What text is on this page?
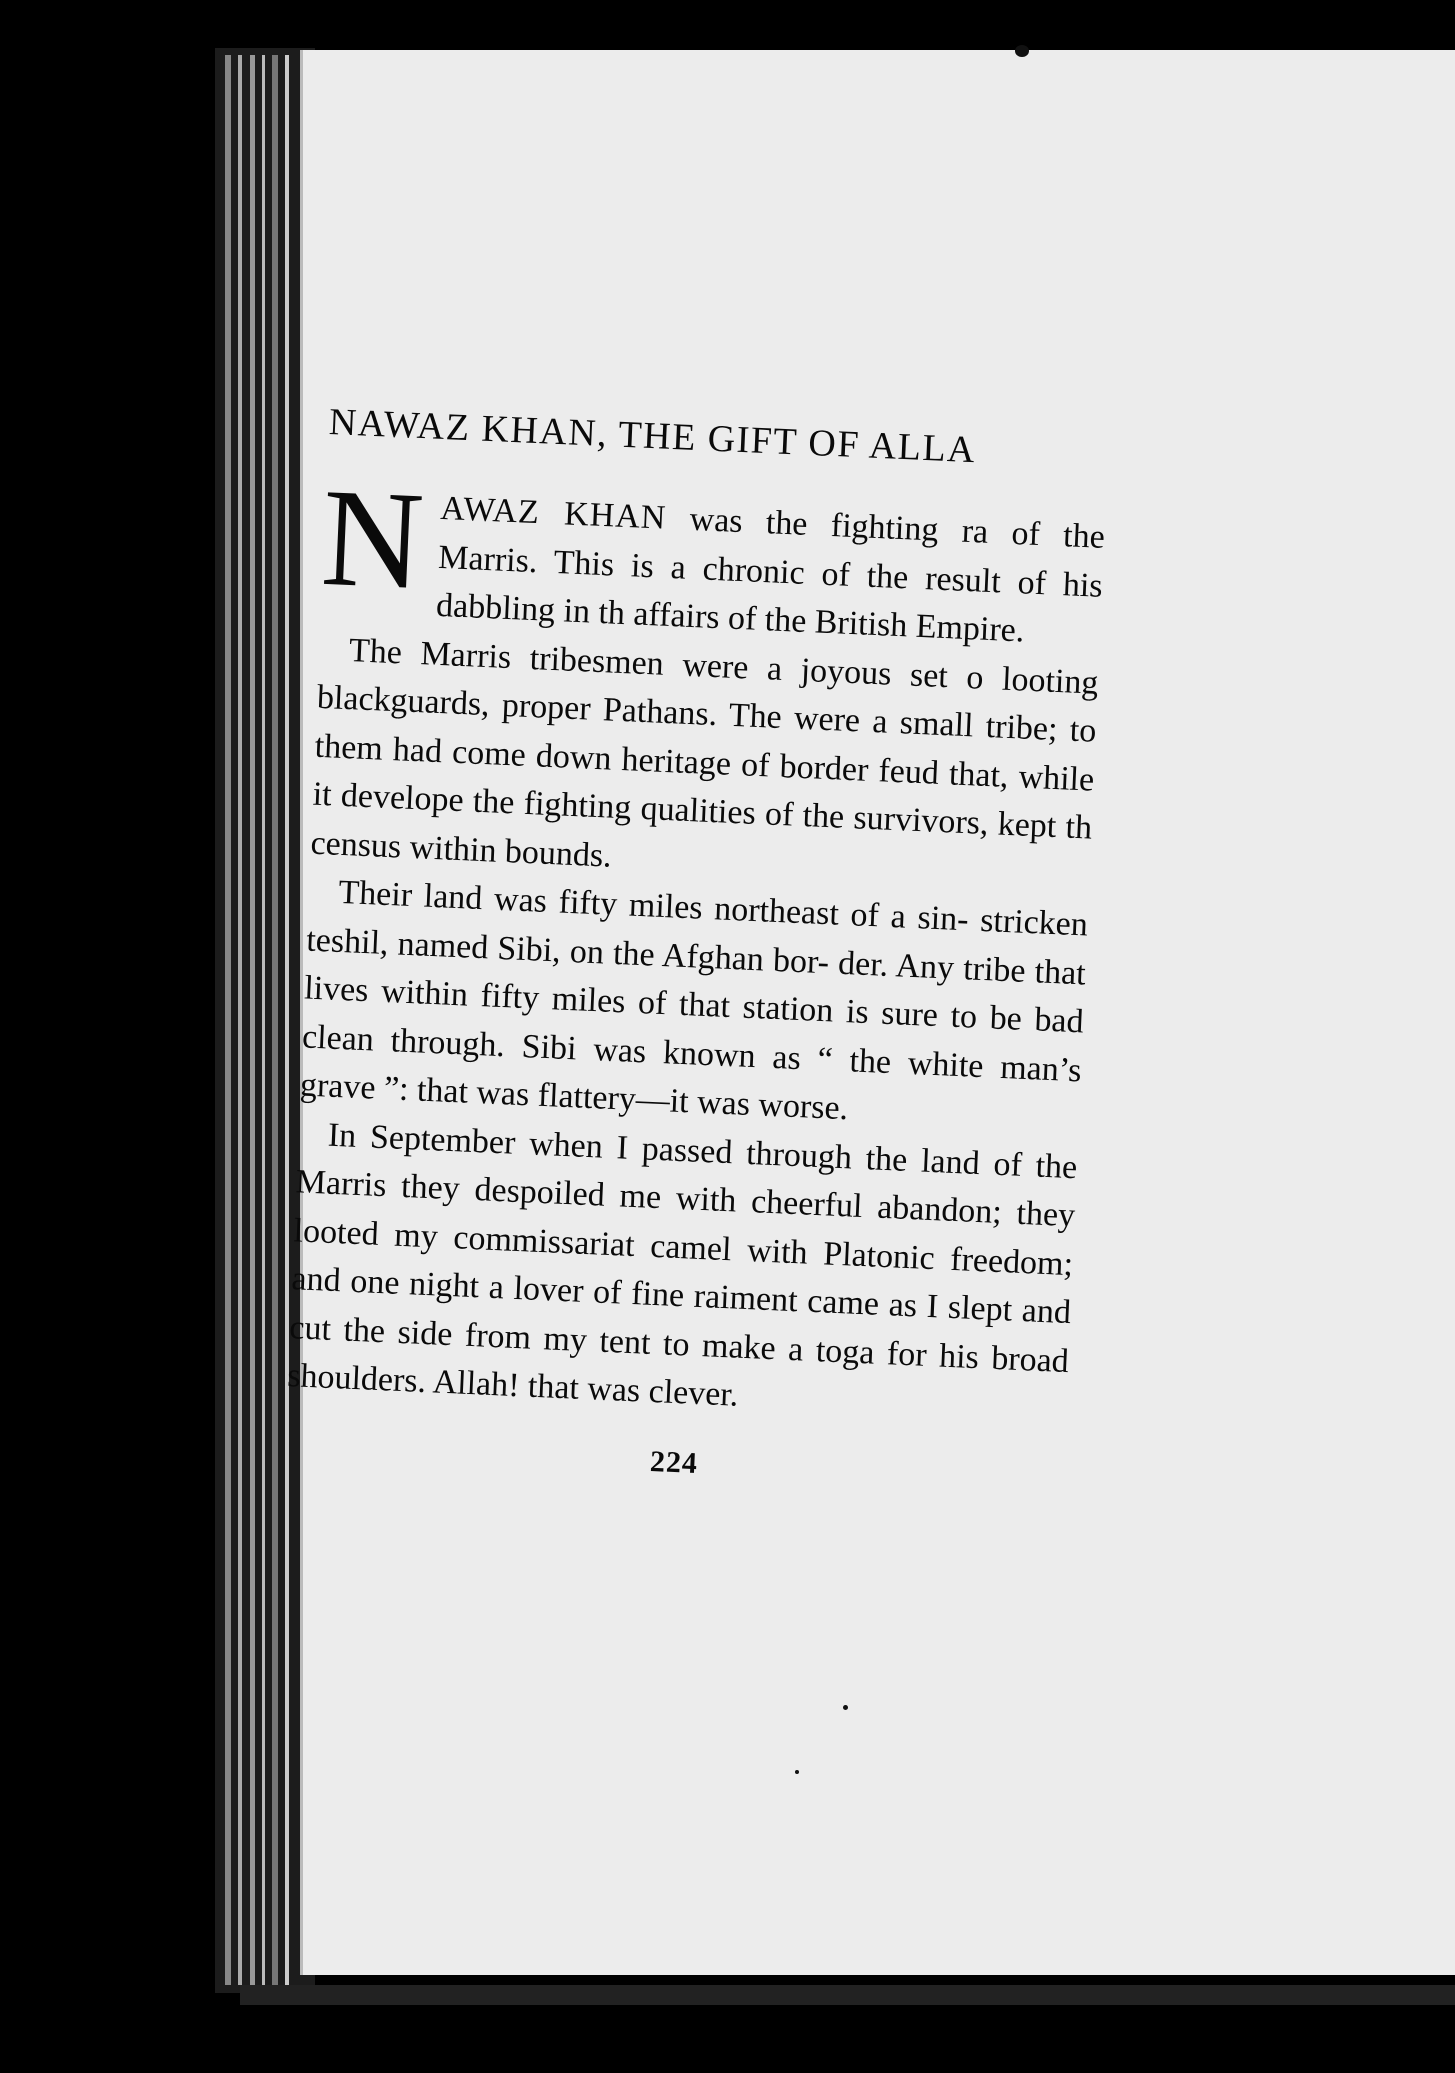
NAWAZ KHAN, THE GIFT OF ALLA

N AWAZ KHAN was the fighting ra of the Marris. This is a chronic of the result of his dabbling in th affairs of the British Empire.

The Marris tribesmen were a joyous set o looting blackguards, proper Pathans. The were a small tribe; to them had come down heritage of border feud that, while it develope the fighting qualities of the survivors, kept th census within bounds.

Their land was fifty miles northeast of a sin- stricken teshil, named Sibi, on the Afghan bor- der. Any tribe that lives within fifty miles of that station is sure to be bad clean through. Sibi was known as “ the white man’s grave ”: that was flattery—it was worse.

In September when I passed through the land of the Marris they despoiled me with cheerful abandon; they looted my commissariat camel with Platonic freedom; and one night a lover of fine raiment came as I slept and cut the side from my tent to make a toga for his broad shoulders. Allah! that was clever.

224
